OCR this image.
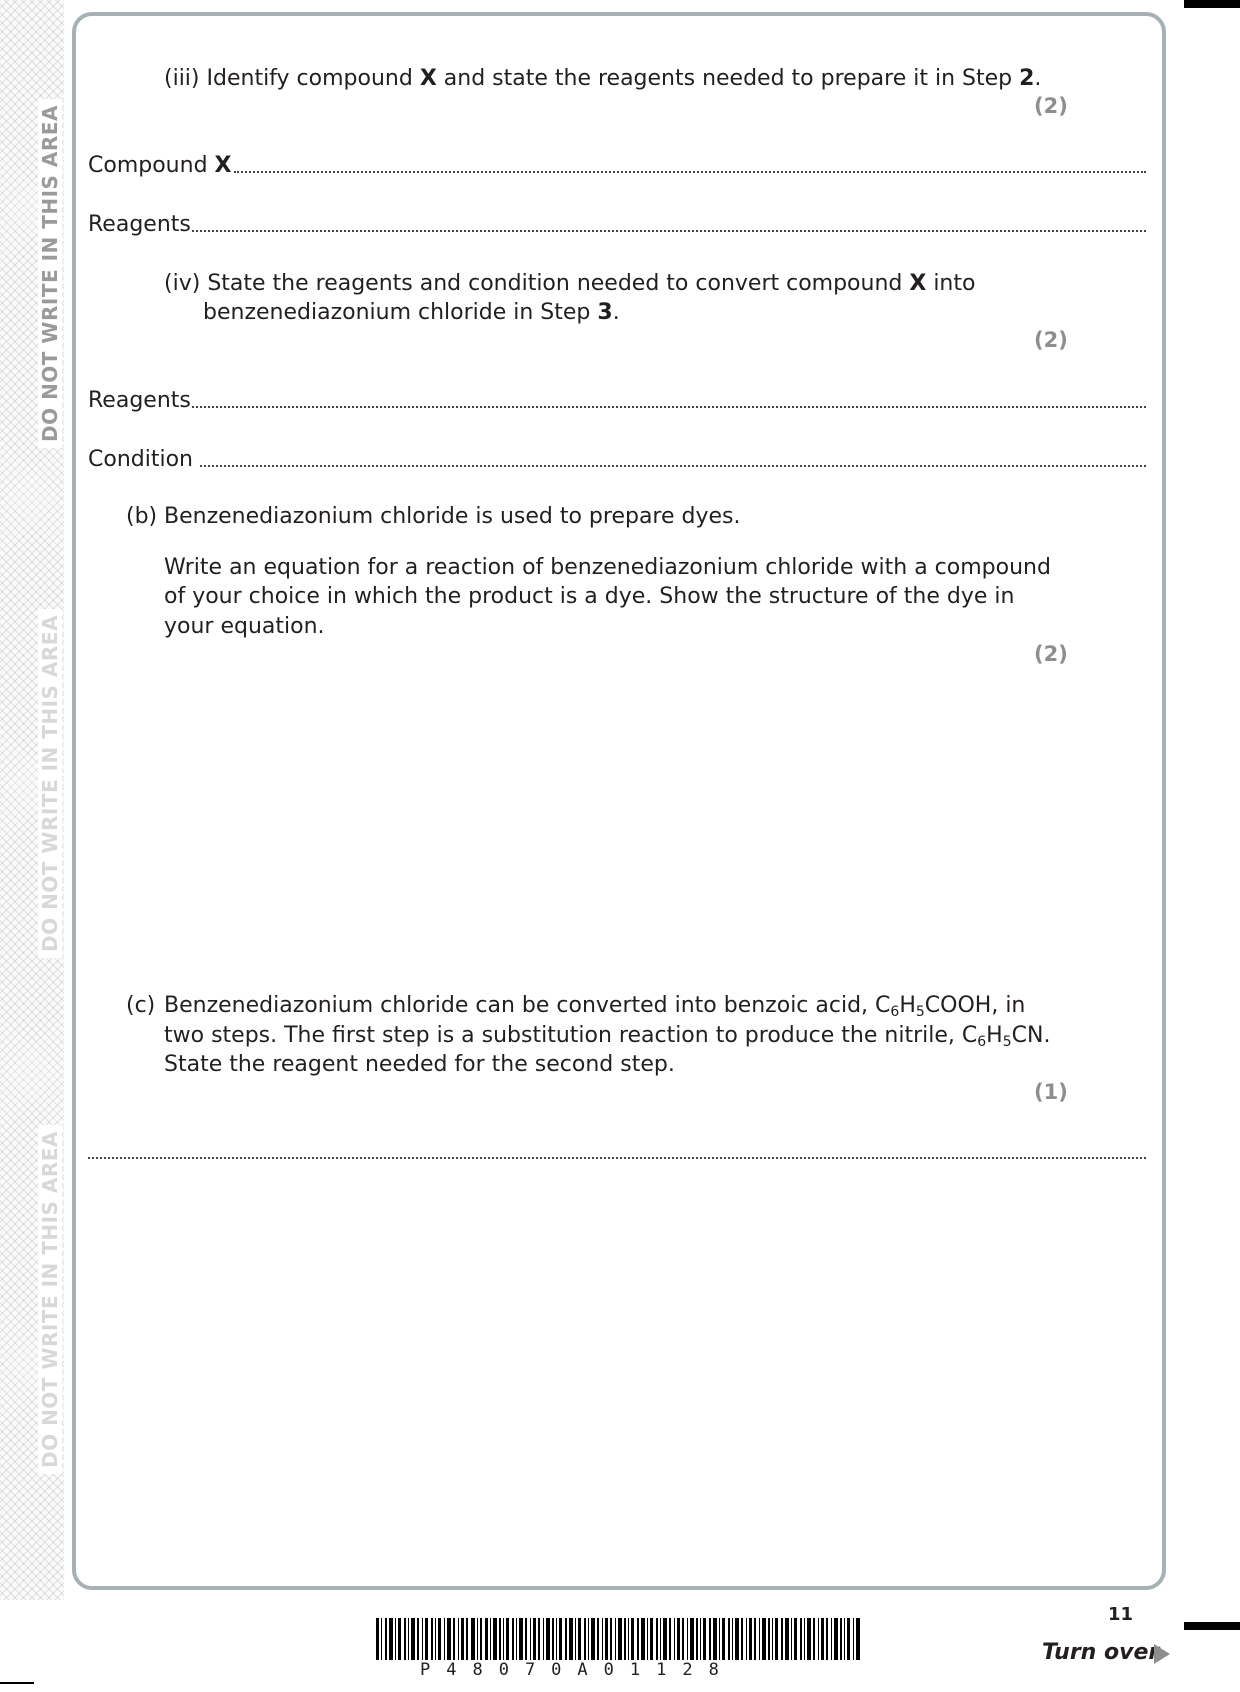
DO NOT WRITE IN THIS AREA
DO NOT WRITE IN THIS AREA
DO NOT WRITE IN THIS AREA
(iii) Identify compound X and state the reagents needed to prepare it in Step 2.
(2)
Compound X
Reagents
(iv) State the reagents and condition needed to convert compound X into
benzenediazonium chloride in Step 3.
(2)
Reagents
Condition
(b) Benzenediazonium chloride is used to prepare dyes.
Write an equation for a reaction of benzenediazonium chloride with a compound
of your choice in which the product is a dye. Show the structure of the dye in
your equation.
(2)
(c) Benzenediazonium chloride can be converted into benzoic acid, $C_6H_5COOH$, in
two steps. The first step is a substitution reaction to produce the nitrile, $C_6H_5CN$.
State the reagent needed for the second step.
(1)
11
Turn over
P48070A01128
